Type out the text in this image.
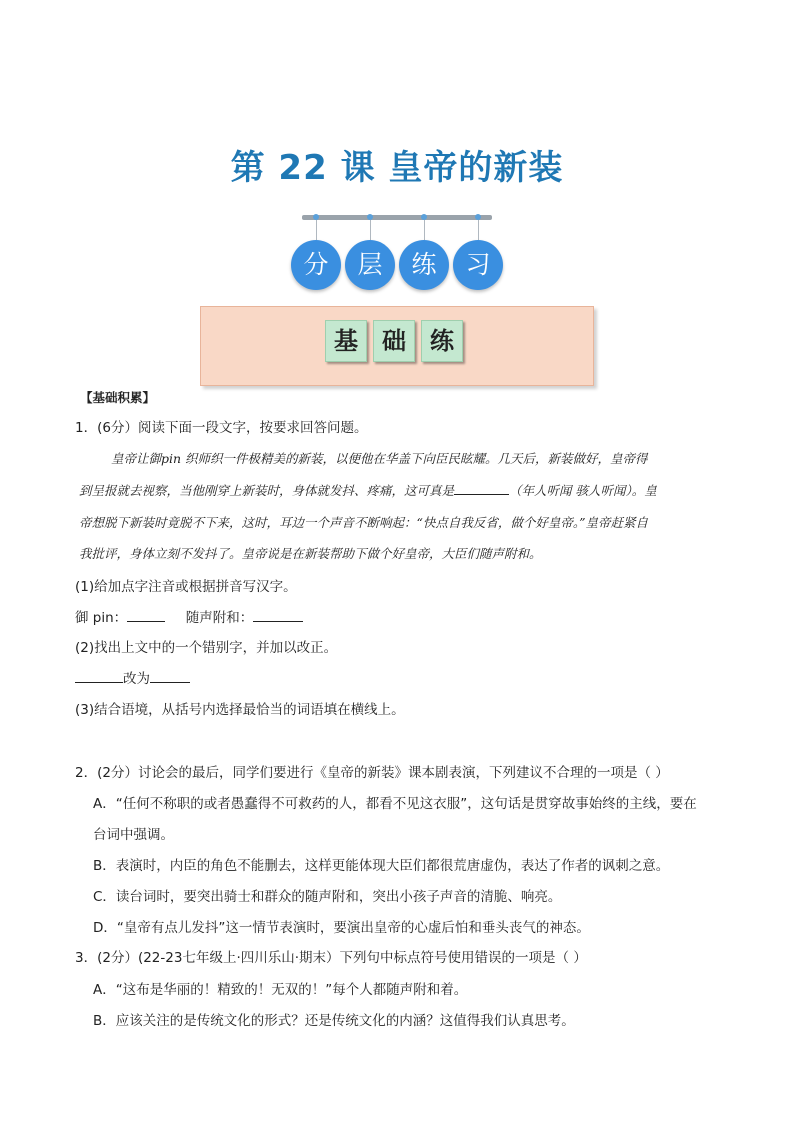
第 22 课 皇帝的新装
分	层	练	习
基	础	练
【基础积累】
1．(6分）阅读下面一段文字，按要求回答问题。
皇帝让御pin 织师织一件极精美的新装，以便他在华盖下向臣民眩耀。几天后，新装做好，皇帝得
到呈报就去视察，当他刚穿上新装时，身体就发抖、疼痛，这可真是	（年人听闻 骇人听闻）。皇
帝想脱下新装时竟脱不下来，这时，耳边一个声音不断响起：“快点自我反省，做个好皇帝。”皇帝赶紧自
我批评，身体立刻不发抖了。皇帝说是在新装帮助下做个好皇帝，大臣们随声附和。
(1)给加点字注音或根据拼音写汉字。
御 pin：	随声附和：
(2)找出上文中的一个错别字，并加以改正。
改为
(3)结合语境，从括号内选择最恰当的词语填在横线上。
2．(2分）讨论会的最后，同学们要进行《皇帝的新装》课本剧表演，下列建议不合理的一项是（ ）
A．“任何不称职的或者愚蠢得不可救药的人，都看不见这衣服”，这句话是贯穿故事始终的主线，要在
台词中强调。
B．表演时，内臣的角色不能删去，这样更能体现大臣们都很荒唐虚伪，表达了作者的讽刺之意。
C．读台词时，要突出骑士和群众的随声附和，突出小孩子声音的清脆、响亮。
D．“皇帝有点儿发抖”这一情节表演时，要演出皇帝的心虚后怕和垂头丧气的神态。
3．(2分）(22-23七年级上·四川乐山·期末）下列句中标点符号使用错误的一项是（ ）
A．“这布是华丽的！精致的！无双的！”每个人都随声附和着。
B．应该关注的是传统文化的形式？还是传统文化的内涵？这值得我们认真思考。
